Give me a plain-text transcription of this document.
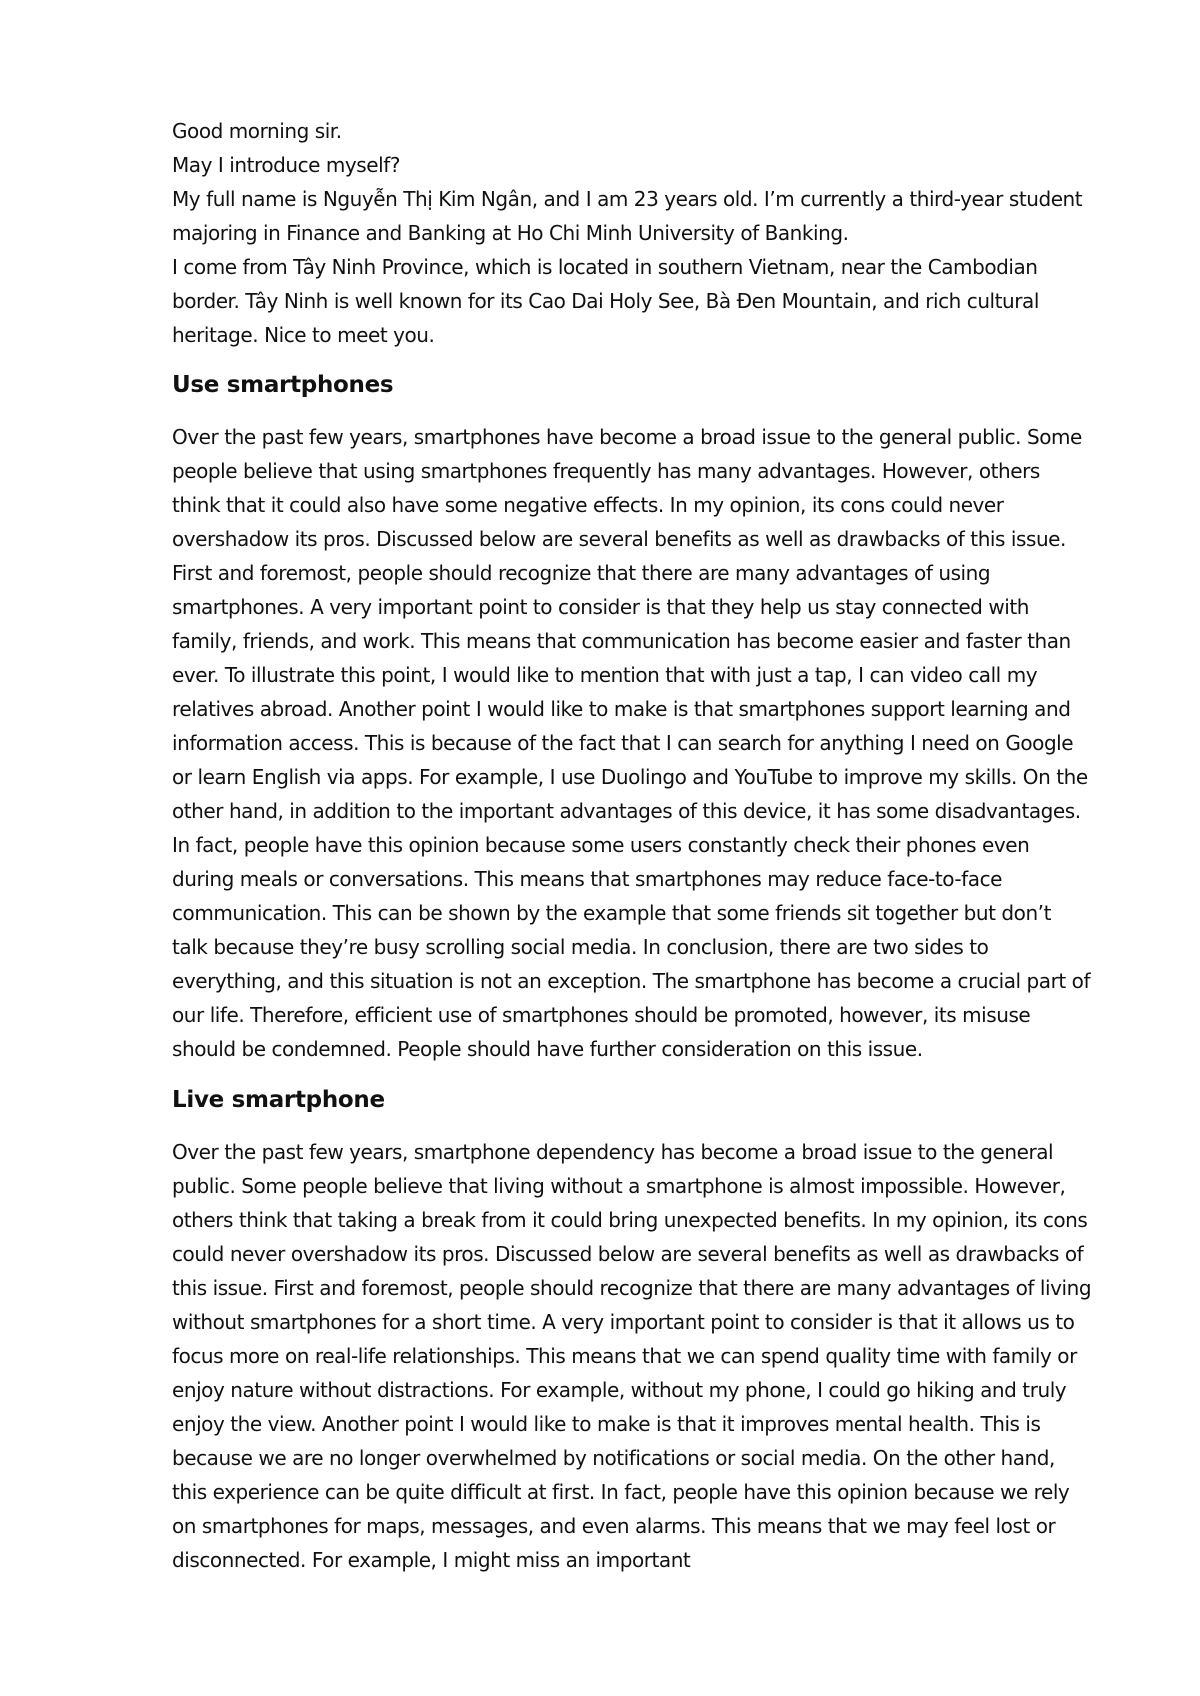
Good morning sir.

May I introduce myself?

My full name is Nguyễn Thị Kim Ngân, and I am 23 years old. I’m currently a third-year student majoring in Finance and Banking at Ho Chi Minh University of Banking.

I come from Tây Ninh Province, which is located in southern Vietnam, near the Cambodian border. Tây Ninh is well known for its Cao Dai Holy See, Bà Đen Mountain, and rich cultural heritage. Nice to meet you.

Use smartphones

Over the past few years, smartphones have become a broad issue to the general public. Some people believe that using smartphones frequently has many advantages. However, others think that it could also have some negative effects. In my opinion, its cons could never overshadow its pros. Discussed below are several benefits as well as drawbacks of this issue. First and foremost, people should recognize that there are many advantages of using smartphones. A very important point to consider is that they help us stay connected with family, friends, and work. This means that communication has become easier and faster than ever. To illustrate this point, I would like to mention that with just a tap, I can video call my relatives abroad. Another point I would like to make is that smartphones support learning and information access. This is because of the fact that I can search for anything I need on Google or learn English via apps. For example, I use Duolingo and YouTube to improve my skills. On the other hand, in addition to the important advantages of this device, it has some disadvantages. In fact, people have this opinion because some users constantly check their phones even during meals or conversations. This means that smartphones may reduce face-to-face communication. This can be shown by the example that some friends sit together but don’t talk because they’re busy scrolling social media. In conclusion, there are two sides to everything, and this situation is not an exception. The smartphone has become a crucial part of our life. Therefore, efficient use of smartphones should be promoted, however, its misuse should be condemned. People should have further consideration on this issue.

Live smartphone

Over the past few years, smartphone dependency has become a broad issue to the general public. Some people believe that living without a smartphone is almost impossible. However, others think that taking a break from it could bring unexpected benefits. In my opinion, its cons could never overshadow its pros. Discussed below are several benefits as well as drawbacks of this issue. First and foremost, people should recognize that there are many advantages of living without smartphones for a short time. A very important point to consider is that it allows us to focus more on real-life relationships. This means that we can spend quality time with family or enjoy nature without distractions. For example, without my phone, I could go hiking and truly enjoy the view. Another point I would like to make is that it improves mental health. This is because we are no longer overwhelmed by notifications or social media. On the other hand, this experience can be quite difficult at first. In fact, people have this opinion because we rely on smartphones for maps, messages, and even alarms. This means that we may feel lost or disconnected. For example, I might miss an important
